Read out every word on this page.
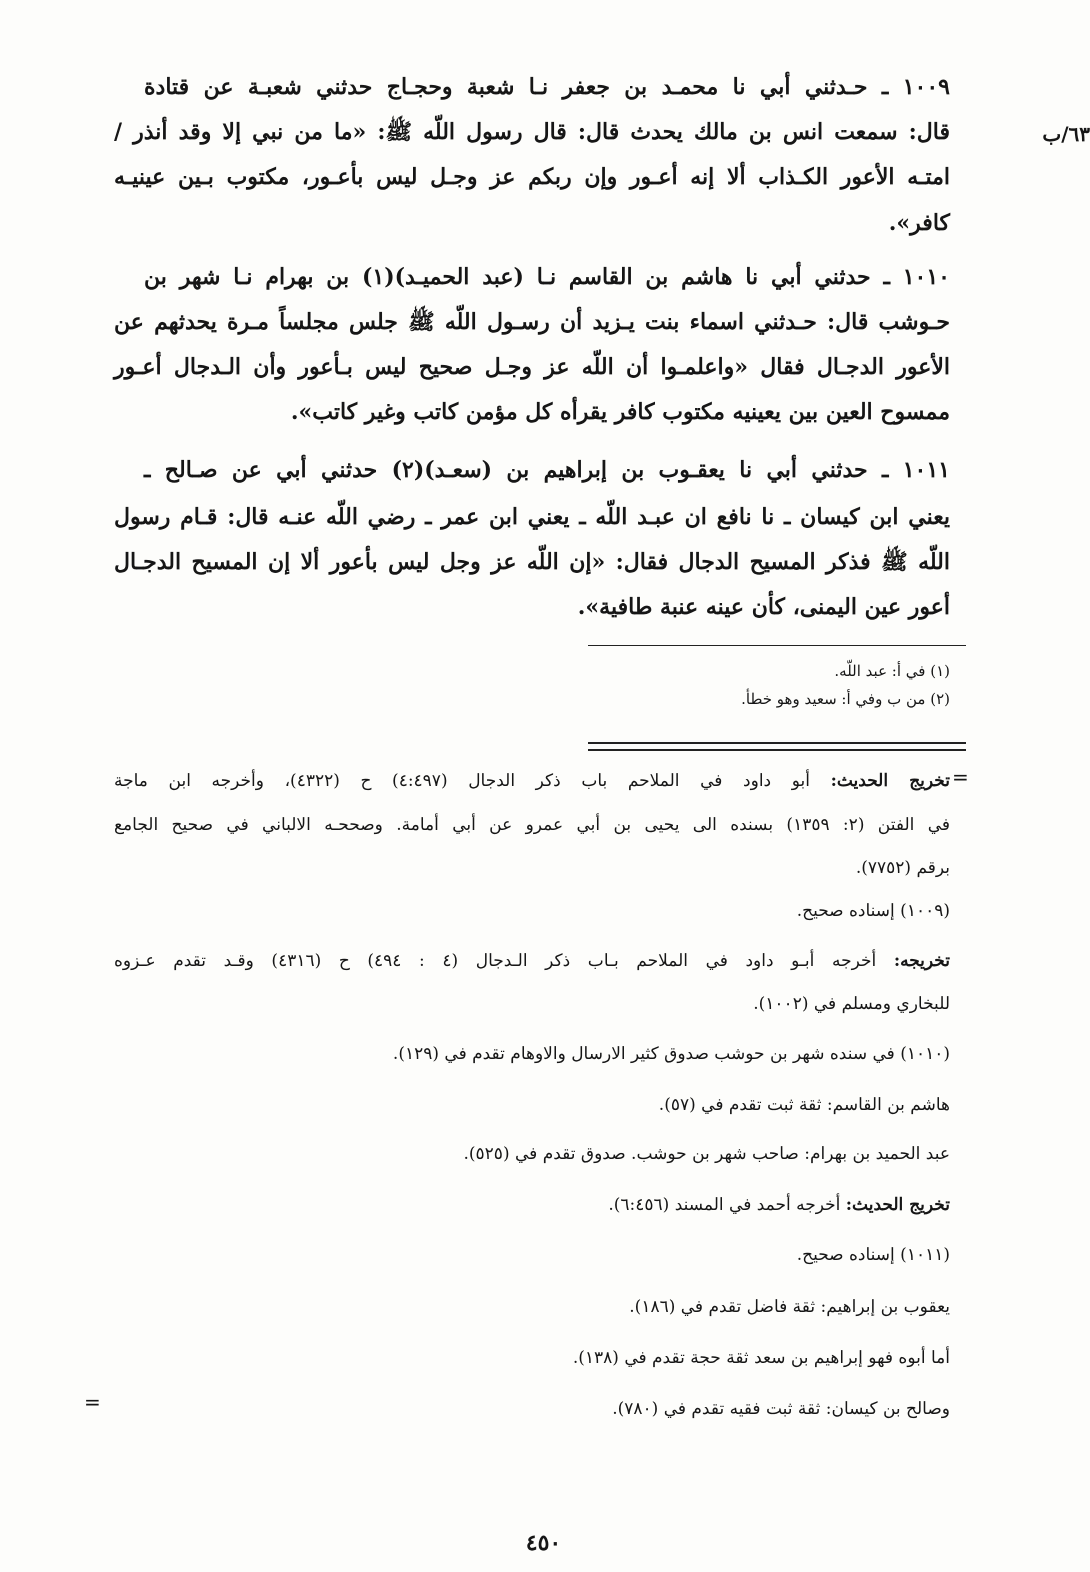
١٠٠٩ ـ حـدثني أبي نا محمـد بن جعفر نـا شعبة وحجـاج حدثني شعبـة عن قتادة
قال: سمعت انس بن مالك يحدث قال: قال رسول اللّه ﷺ: «ما من نبي إلا وقد أنذر /
امتـه الأعور الكـذاب ألا إنه أعـور وإن ربكم عز وجـل ليس بأعـور، مكتوب بـين عينيـه
كافر».
١٠١٠ ـ حدثني أبي نا هاشم بن القاسم نـا (عبد الحميـد)(١) بن بهرام نـا شهر بن
حـوشب قال: حـدثني اسماء بنت يـزيد أن رسـول اللّه ﷺ جلس مجلساً مـرة يحدثهم عن
الأعور الدجـال فقال «واعلمـوا أن اللّه عز وجـل صحيح ليس بـأعور وأن الـدجال أعـور
ممسوح العين بين يعينيه مكتوب كافر يقرأه كل مؤمن كاتب وغير كاتب».
١٠١١ ـ حدثني أبي نا يعقـوب بن إبراهيم بن (سعـد)(٢) حدثني أبي عن صـالح ـ
يعني ابن كيسان ـ نا نافع ان عبـد اللّه ـ يعني ابن عمر ـ رضي اللّه عنـه قال: قـام رسول
اللّه ﷺ فذكر المسيح الدجال فقال: «إن اللّه عز وجل ليس بأعور ألا إن المسيح الدجـال
أعور عين اليمنى، كأن عينه عنبة طافية».
٦٣/ب
(١) في أ: عبد اللّه.
(٢) من ب وفي أ: سعيد وهو خطأ.
=
=
تخريج الحديث: أبو داود في الملاحم باب ذكر الدجال (٤:٤٩٧) ح (٤٣٢٢)، وأخرجه ابن ماجة
في الفتن (٢: ١٣٥٩) بسنده الى يحيى بن أبي عمرو عن أبي أمامة. وصححـه الالباني في صحيح الجامع
برقم (٧٧٥٢).
(١٠٠٩) إسناده صحيح.
تخريجه: أخرجه أبـو داود في الملاحم بـاب ذكر الـدجال (٤ : ٤٩٤) ح (٤٣١٦) وقـد تقدم عـزوه
للبخاري ومسلم في (١٠٠٢).
(١٠١٠) في سنده شهر بن حوشب صدوق كثير الارسال والاوهام تقدم في (١٢٩).
هاشم بن القاسم: ثقة ثبت تقدم في (٥٧).
عبد الحميد بن بهرام: صاحب شهر بن حوشب. صدوق تقدم في (٥٢٥).
تخريج الحديث: أخرجه أحمد في المسند (٦:٤٥٦).
(١٠١١) إسناده صحيح.
يعقوب بن إبراهيم: ثقة فاضل تقدم في (١٨٦).
أما أبوه فهو إبراهيم بن سعد ثقة حجة تقدم في (١٣٨).
وصالح بن كيسان: ثقة ثبت فقيه تقدم في (٧٨٠).
٤٥٠
